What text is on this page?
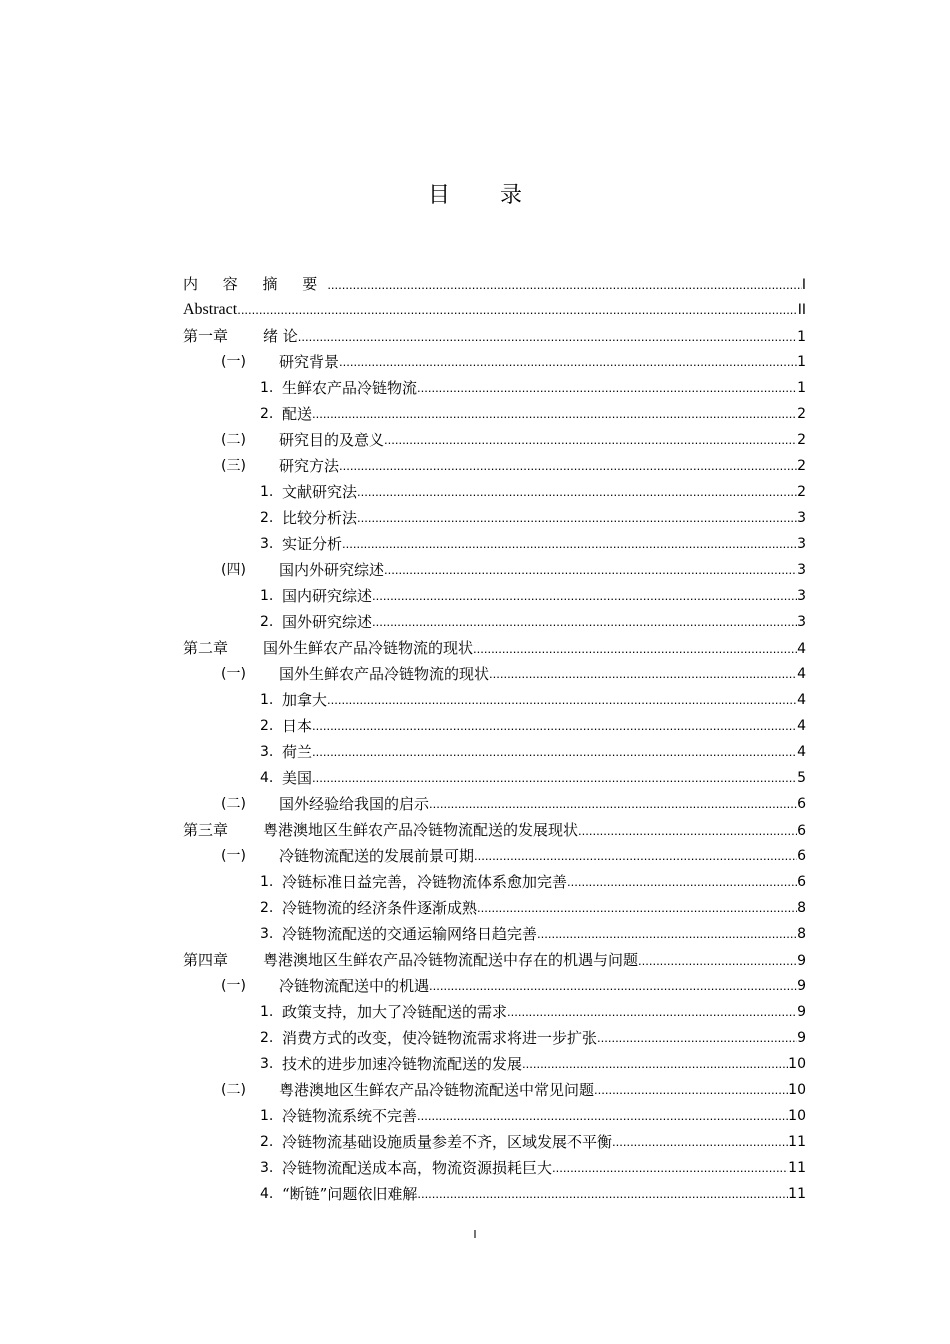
目 录
内 容 摘 要 .....	I
Abstract .....	II
第一章	绪 论 .....	1
(一)	研究背景 .....	1
1. 生鲜农产品冷链物流 .....	1
2. 配送 .....	2
(二)	研究目的及意义 .....	2
(三)	研究方法 .....	2
1. 文献研究法 .....	2
2. 比较分析法 .....	3
3. 实证分析 .....	3
(四)	国内外研究综述 .....	3
1. 国内研究综述 .....	3
2. 国外研究综述 .....	3
第二章	国外生鲜农产品冷链物流的现状 .....	4
(一)	国外生鲜农产品冷链物流的现状 .....	4
1. 加拿大 .....	4
2. 日本 .....	4
3. 荷兰 .....	4
4. 美国 .....	5
(二)	国外经验给我国的启示 .....	6
第三章	粤港澳地区生鲜农产品冷链物流配送的发展现状 .....	6
(一)	冷链物流配送的发展前景可期 .....	6
1. 冷链标准日益完善，冷链物流体系愈加完善 .....	6
2. 冷链物流的经济条件逐渐成熟 .....	8
3. 冷链物流配送的交通运输网络日趋完善 .....	8
第四章	粤港澳地区生鲜农产品冷链物流配送中存在的机遇与问题 .....	9
(一)	冷链物流配送中的机遇 .....	9
1. 政策支持，加大了冷链配送的需求 .....	9
2. 消费方式的改变，使冷链物流需求将进一步扩张 .....	9
3. 技术的进步加速冷链物流配送的发展 .....	10
(二)	粤港澳地区生鲜农产品冷链物流配送中常见问题 .....	10
1. 冷链物流系统不完善 .....	10
2. 冷链物流基础设施质量参差不齐，区域发展不平衡 .....	11
3. 冷链物流配送成本高，物流资源损耗巨大 .....	11
4. “断链”问题依旧难解 .....	11
I
